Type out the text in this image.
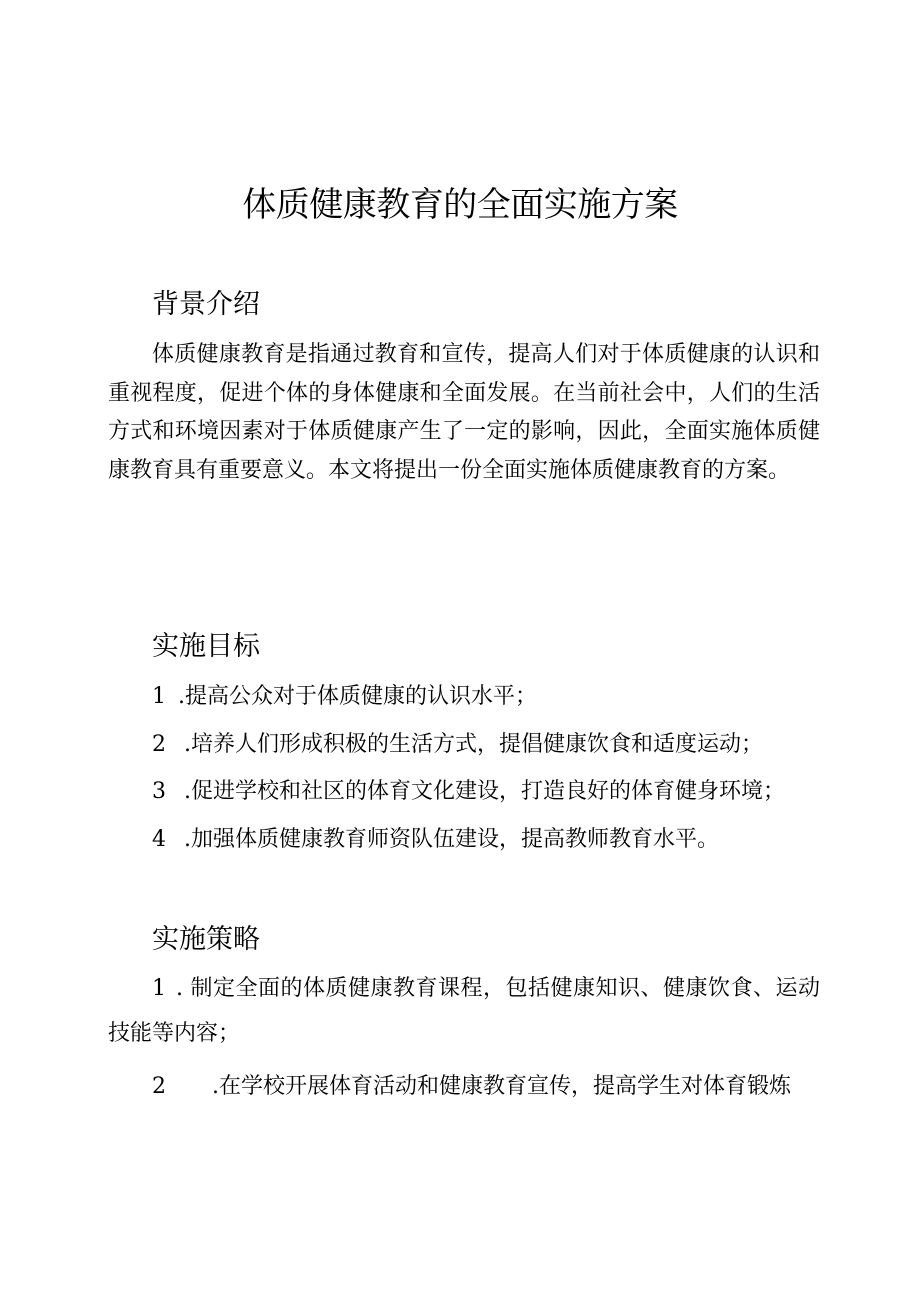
体质健康教育的全面实施方案
背景介绍

体质健康教育是指通过教育和宣传，提高人们对于体质健康的认识和重视程度，促进个体的身体健康和全面发展。在当前社会中，人们的生活方式和环境因素对于体质健康产生了一定的影响，因此，全面实施体质健康教育具有重要意义。本文将提出一份全面实施体质健康教育的方案。

实施目标
1 .提高公众对于体质健康的认识水平；
2 .培养人们形成积极的生活方式，提倡健康饮食和适度运动；
3 .促进学校和社区的体育文化建设，打造良好的体育健身环境；
4 .加强体质健康教育师资队伍建设，提高教师教育水平。
实施策略

1 . 制定全面的体质健康教育课程，包括健康知识、健康饮食、运动技能等内容；

2 .在学校开展体育活动和健康教育宣传，提高学生对体育锻炼
